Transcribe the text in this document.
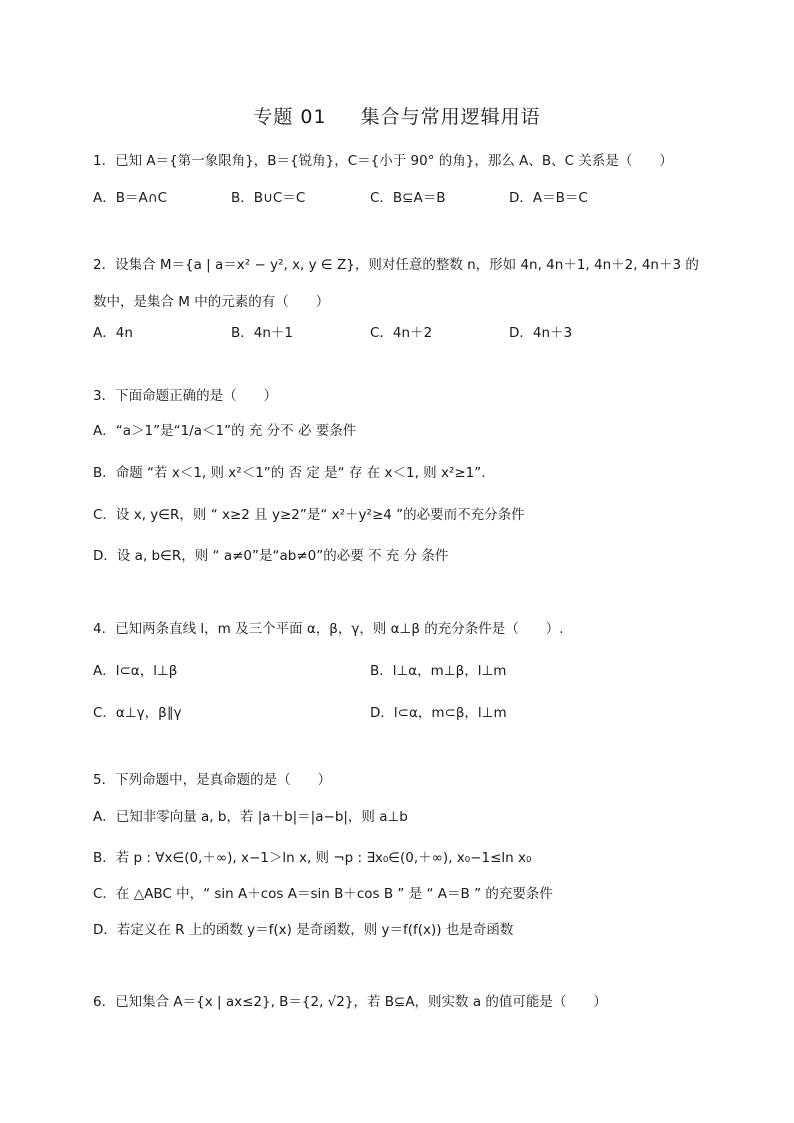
专题 01 集合与常用逻辑用语
1．已知 A＝{第一象限角}，B＝{锐角}，C＝{小于 90° 的角}，那么 A、B、C 关系是（　　）
A．B＝A∩C	B．B∪C＝C	C．B⊆A＝B	D．A＝B＝C
2．设集合 M＝{a | a＝x² − y², x, y ∈ Z}，则对任意的整数 n，形如 4n, 4n＋1, 4n＋2, 4n＋3 的
数中，是集合 M 中的元素的有（　　）
A．4n	B．4n＋1	C．4n＋2	D．4n＋3
3．下面命题正确的是（　　）
A．“a＞1”是“1/a＜1”的 充 分不 必 要条件
B．命题 “若 x＜1, 则 x²＜1”的 否 定 是“ 存 在 x＜1, 则 x²≥1”.
C．设 x, y∈R，则 “ x≥2 且 y≥2”是“ x²＋y²≥4 ”的必要而不充分条件
D．设 a, b∈R，则 “ a≠0”是“ab≠0”的必要 不 充 分 条件
4．已知两条直线 l，m 及三个平面 α，β，γ，则 α⊥β 的充分条件是（　　）.
A．l⊂α，l⊥β	B．l⊥α，m⊥β，l⊥m
C．α⊥γ，β∥γ	D．l⊂α，m⊂β，l⊥m
5．下列命题中，是真命题的是（　　）
A．已知非零向量 a, b，若 |a＋b|＝|a−b|，则 a⊥b
B．若 p : ∀x∈(0,＋∞), x−1＞ln x, 则 ¬p : ∃x₀∈(0,＋∞), x₀−1≤ln x₀
C．在 △ABC 中，“ sin A＋cos A＝sin B＋cos B ” 是 “ A＝B ” 的充要条件
D．若定义在 R 上的函数 y＝f(x) 是奇函数，则 y＝f(f(x)) 也是奇函数
6．已知集合 A＝{x | ax≤2}, B＝{2, √2}，若 B⊆A，则实数 a 的值可能是（　　）
